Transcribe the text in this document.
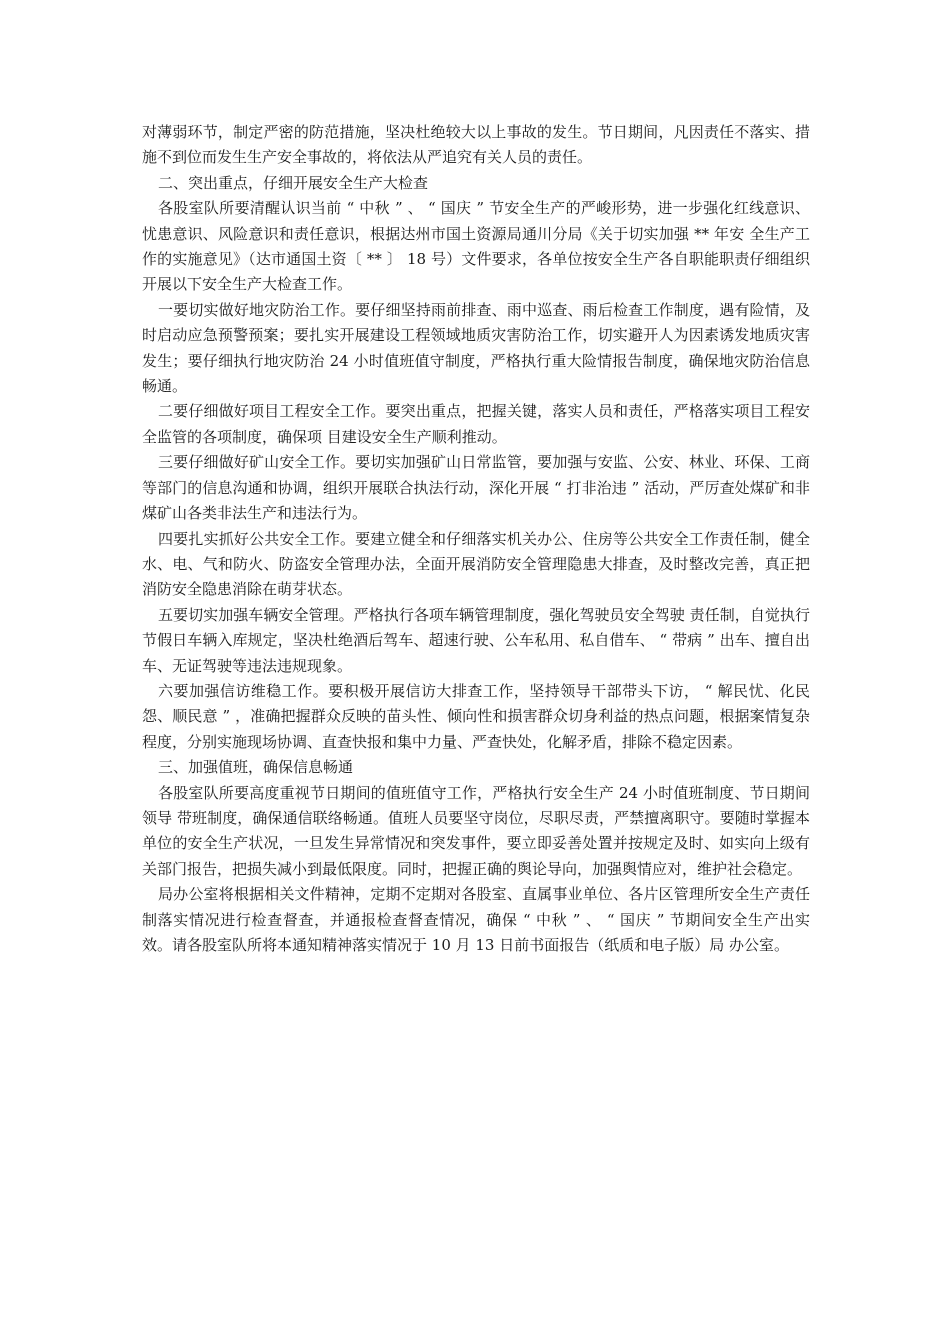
对薄弱环节，制定严密的防范措施，坚决杜绝较大以上事故的发生。节日期间，凡因责任不落实、措施不到位而发生生产安全事故的，将依法从严追究有关人员的责任。

二、突出重点，仔细开展安全生产大检查

各股室队所要清醒认识当前 “ 中秋 ” 、 “ 国庆 ” 节安全生产的严峻形势，进一步强化红线意识、忧患意识、风险意识和责任意识，根据达州市国土资源局通川分局《关于切实加强 ** 年安 全生产工作的实施意见》（达市通国土资〔 ** 〕 18 号）文件要求，各单位按安全生产各自职能职责仔细组织开展以下安全生产大检查工作。

一要切实做好地灾防治工作。要仔细坚持雨前排查、雨中巡查、雨后检查工作制度，遇有险情，及时启动应急预警预案；要扎实开展建设工程领域地质灾害防治工作，切实避开人为因素诱发地质灾害发生；要仔细执行地灾防治 24 小时值班值守制度，严格执行重大险情报告制度，确保地灾防治信息畅通。

二要仔细做好项目工程安全工作。要突出重点，把握关键，落实人员和责任，严格落实项目工程安全监管的各项制度，确保项 目建设安全生产顺利推动。

三要仔细做好矿山安全工作。要切实加强矿山日常监管，要加强与安监、公安、林业、环保、工商等部门的信息沟通和协调，组织开展联合执法行动，深化开展 “ 打非治违 ” 活动，严厉查处煤矿和非煤矿山各类非法生产和违法行为。

四要扎实抓好公共安全工作。要建立健全和仔细落实机关办公、住房等公共安全工作责任制，健全水、电、气和防火、防盗安全管理办法，全面开展消防安全管理隐患大排查，及时整改完善，真正把消防安全隐患消除在萌芽状态。

五要切实加强车辆安全管理。严格执行各项车辆管理制度，强化驾驶员安全驾驶 责任制，自觉执行节假日车辆入库规定，坚决杜绝酒后驾车、超速行驶、公车私用、私自借车、 “ 带病 ” 出车、擅自出车、无证驾驶等违法违规现象。

六要加强信访维稳工作。要积极开展信访大排查工作，坚持领导干部带头下访， “ 解民忧、化民怨、顺民意 ” ，准确把握群众反映的苗头性、倾向性和损害群众切身利益的热点问题，根据案情复杂程度，分别实施现场协调、直查快报和集中力量、严查快处，化解矛盾，排除不稳定因素。

三、加强值班，确保信息畅通

各股室队所要高度重视节日期间的值班值守工作，严格执行安全生产 24 小时值班制度、节日期间领导 带班制度，确保通信联络畅通。值班人员要坚守岗位，尽职尽责，严禁擅离职守。要随时掌握本单位的安全生产状况，一旦发生异常情况和突发事件，要立即妥善处置并按规定及时、如实向上级有关部门报告，把损失减小到最低限度。同时，把握正确的舆论导向，加强舆情应对，维护社会稳定。

局办公室将根据相关文件精神，定期不定期对各股室、直属事业单位、各片区管理所安全生产责任制落实情况进行检查督查，并通报检查督查情况，确保 “ 中秋 ” 、 “ 国庆 ” 节期间安全生产出实效。请各股室队所将本通知精神落实情况于 10 月 13 日前书面报告（纸质和电子版）局 办公室。
